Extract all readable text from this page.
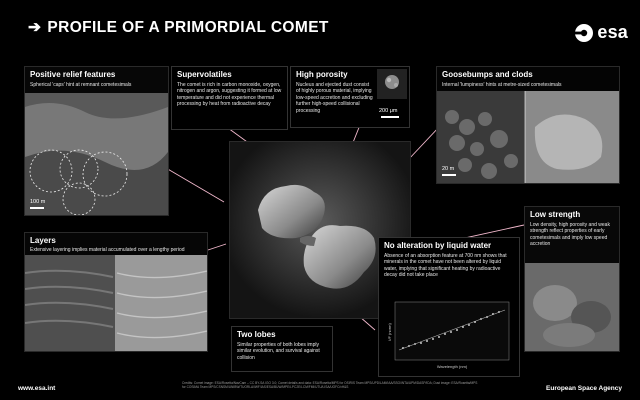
➔ PROFILE OF A PRIMORDIAL COMET	esa
Positive relief features
Spherical 'caps' hint at remnant cometesimals
100 m
Supervolatiles
The comet is rich in carbon monoxide, oxygen, nitrogen and argon, suggesting it formed at low temperature and did not experience thermal processing by heat from radioactive decay
High porosity
Nucleus and ejected dust consist of highly porous material, implying low-speed accretion and excluding further high-speed collisional processing	200 μm
Goosebumps and clods
Internal 'lumpiness' hints at metre-sized cometesimals
20 m
Layers
Extensive layering implies material accumulated over a lengthy period	No alteration by liquid water
Absence of an absorption feature at 700 nm shows that minerals in the comet have not been altered by liquid water, implying that significant heating by radioactive decay did not take place
Wavelength (nm)
I/F (norm)
Low strength
Low density, high porosity and weak strength reflect properties of early cometesimals and imply low speed accretion
Two lobes
Similar properties of both lobes imply similar evolution, and survival against collision
www.esa.int
Credits: Comet image: ESA/Rosetta/NavCam – CC BY-SA IGO 3.0; Comet details and data: ESA/Rosetta/MPS for OSIRIS Team MPS/UPD/LAM/IAA/SSO/INTA/UPM/DASP/IDA; Dust image: ESA/Rosetta/MPS for COSIMA Team MPS/CSNSM/UNIBW/TUORLA/IWF/IAS/ESA/BUW/MPE/LPC2E/LCM/FMI/UTU/LISA/UOFC/vH&S	European Space Agency
